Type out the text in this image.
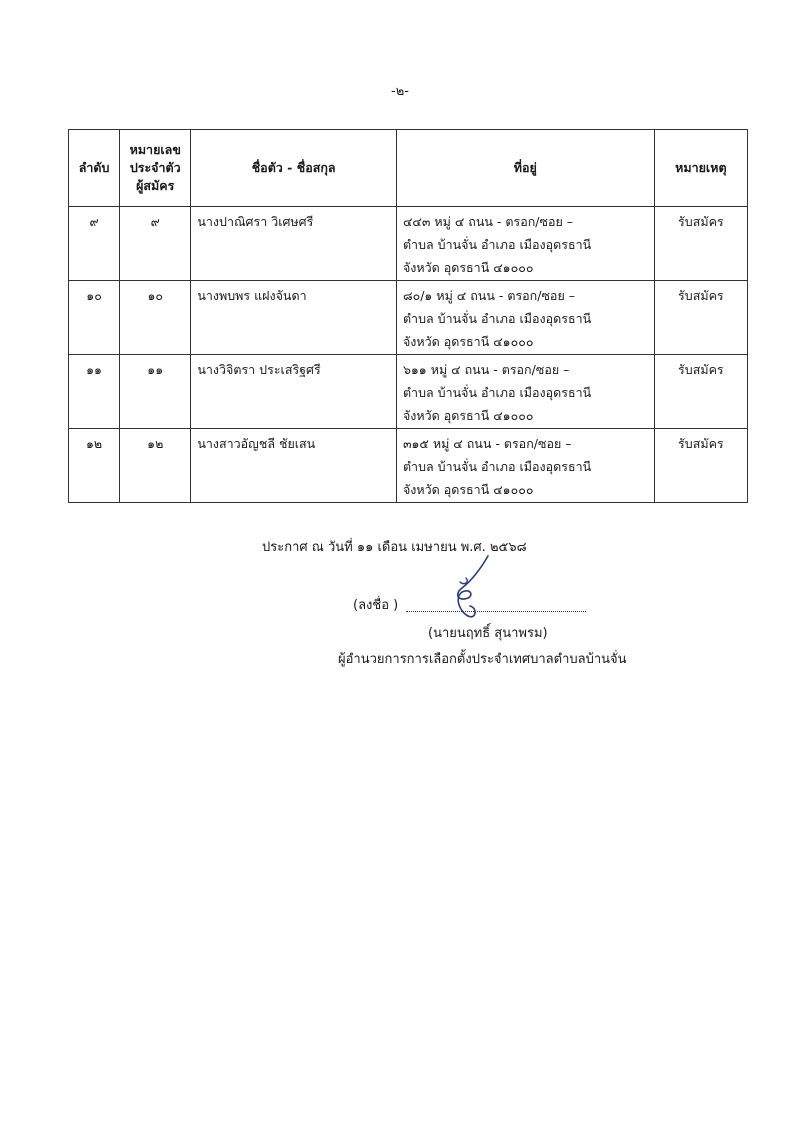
-๒-
ลำดับ	หมายเลข
ประจำตัว
ผู้สมัคร	ชื่อตัว - ชื่อสกุล	ที่อยู่	หมายเหตุ
๙	๙	นางปาณิศรา วิเศษศรี	๔๔๓ หมู่ ๔ ถนน - ตรอก/ซอย –
ตำบล บ้านจั่น อำเภอ เมืองอุดรธานี
จังหวัด อุดรธานี ๔๑๐๐๐	รับสมัคร
๑๐	๑๐	นางพบพร แฝงจันดา	๘๐/๑ หมู่ ๔ ถนน - ตรอก/ซอย –
ตำบล บ้านจั่น อำเภอ เมืองอุดรธานี
จังหวัด อุดรธานี ๔๑๐๐๐	รับสมัคร
๑๑	๑๑	นางวิจิตรา ประเสริฐศรี	๖๑๑ หมู่ ๔ ถนน - ตรอก/ซอย –
ตำบล บ้านจั่น อำเภอ เมืองอุดรธานี
จังหวัด อุดรธานี ๔๑๐๐๐	รับสมัคร
๑๒	๑๒	นางสาวอัญชลี ชัยเสน	๓๑๕ หมู่ ๔ ถนน - ตรอก/ซอย –
ตำบล บ้านจั่น อำเภอ เมืองอุดรธานี
จังหวัด อุดรธานี ๔๑๐๐๐	รับสมัคร
ประกาศ ณ วันที่ ๑๑ เดือน เมษายน พ.ศ. ๒๕๖๘
(ลงชื่อ )
(นายนฤทธิ์ สุนาพรม)
ผู้อำนวยการการเลือกตั้งประจำเทศบาลตำบลบ้านจั่น
